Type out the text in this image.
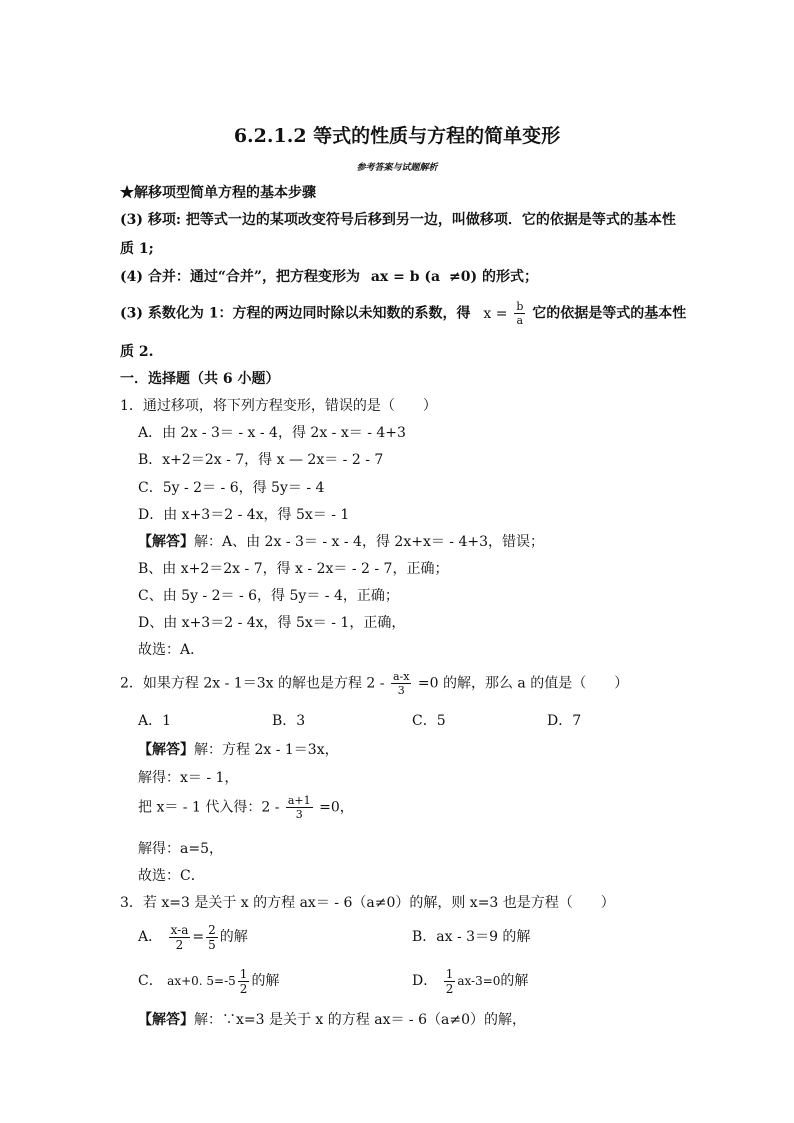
6.2.1.2 等式的性质与方程的简单变形
参考答案与试题解析
★解移项型简单方程的基本步骤
(3) 移项: 把等式一边的某项改变符号后移到另一边，叫做移项．它的依据是等式的基本性
质 1;
(4) 合并：通过“合并”，把方程变形为 ax = b (a ≠0) 的形式；
(3) 系数化为 1：方程的两边同时除以未知数的系数，得 $x = \frac{b}{a}$ 它的依据是等式的基本性
质 2.
一．选择题（共 6 小题）
1．通过移项，将下列方程变形，错误的是（　　）
A．由 2x - 3＝ - x - 4，得 2x - x＝ - 4+3
B．x+2＝2x - 7，得 x — 2x＝ - 2 - 7
C．5y - 2＝ - 6，得 5y＝ - 4
D．由 x+3＝2 - 4x，得 5x＝ - 1
【解答】解：A、由 2x - 3＝ - x - 4，得 2x+x＝ - 4+3，错误；
B、由 x+2＝2x - 7，得 x - 2x＝ - 2 - 7，正确；
C、由 5y - 2＝ - 6，得 5y＝ - 4，正确；
D、由 x+3＝2 - 4x，得 5x＝ - 1，正确，
故选：A．
2．如果方程 2x - 1＝3x 的解也是方程 $2 - \frac{a-x}{3} =0$ 的解，那么 a 的值是（　　）
A．1	B．3	C．5	D．7
【解答】解：方程 2x - 1＝3x，
解得：x＝ - 1，
把 x＝ - 1 代入得：$2 - \frac{a+1}{3} =0$，
解得：a=5，
故选：C．
3．若 x=3 是关于 x 的方程 ax＝ - 6（a≠0）的解，则 x=3 也是方程（　　）
A． $\frac{x-a}{2} = \frac{2}{5}$ 的解	B．ax - 3＝9 的解
C． ax+0. $5=-5 \frac{1}{2}$ 的解	D． $\frac{1}{2} ax-3=0$的解
【解答】解：∵x=3 是关于 x 的方程 ax＝ - 6（a≠0）的解，
